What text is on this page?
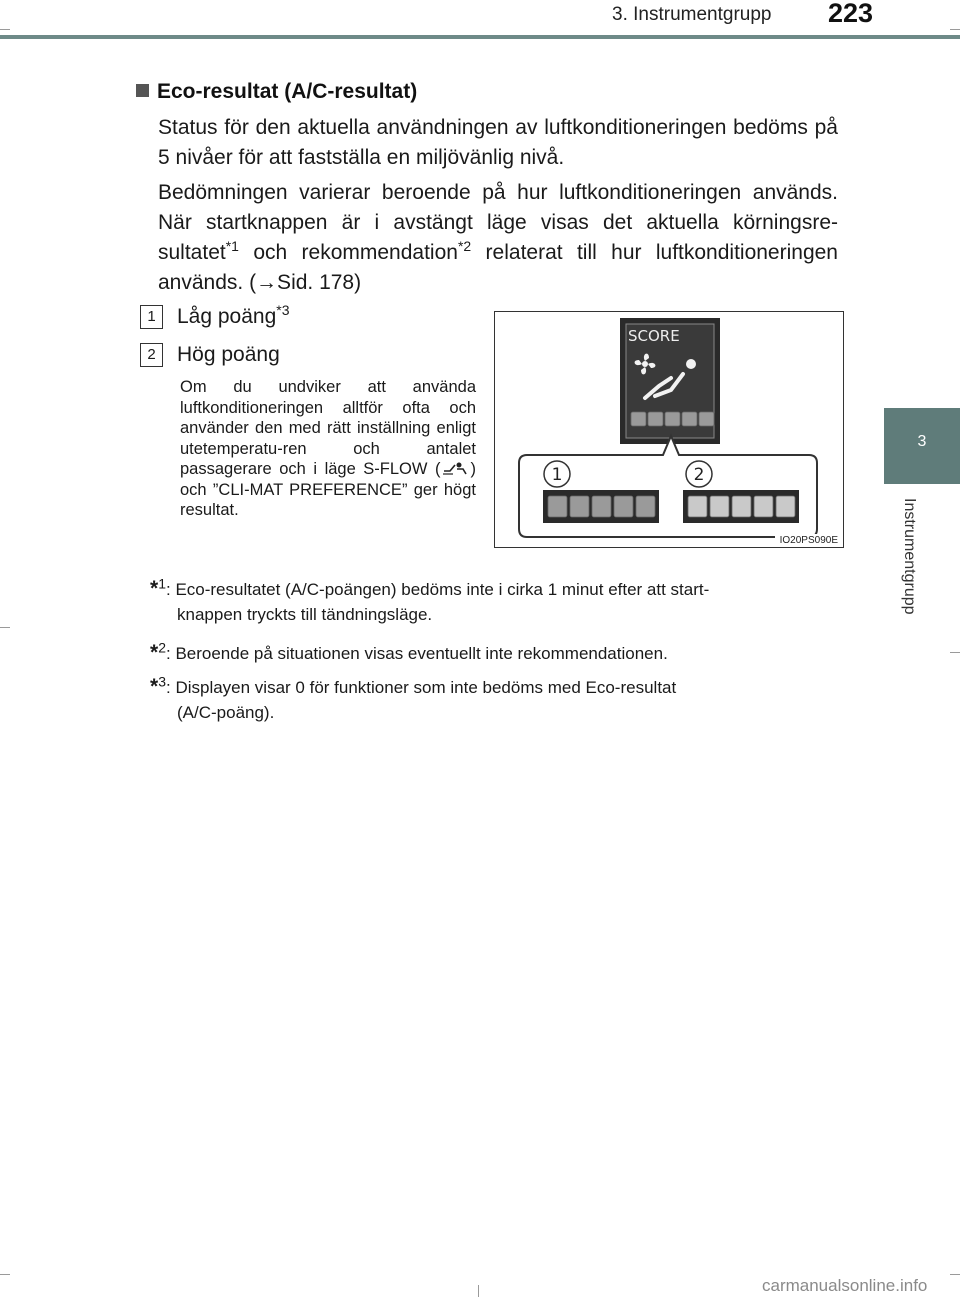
3. Instrumentgrupp 223
3
Instrumentgrupp
Eco-resultat (A/C-resultat)
Status för den aktuella användningen av luftkonditioneringen bedöms på 5 nivåer för att fastställa en miljövänlig nivå.
Bedömningen varierar beroende på hur luftkonditioneringen används. När startknappen är i avstängt läge visas det aktuella körningsre-sultatet$^{*1}$ och rekommendation$^{*2}$ relaterat till hur luftkonditioneringen används. (→Sid. 178)
1 Låg poäng$^{*3}$
2 Hög poäng
Om du undviker att använda luftkonditioneringen alltför ofta och använder den med rätt inställning enligt utetemperatu-ren och antalet passagerare och i läge S-FLOW ( ) och ”CLI-MAT PREFERENCE” ger högt resultat.
SCORE
1	2
IO20PS090E
*$^1$: Eco-resultatet (A/C-poängen) bedöms inte i cirka 1 minut efter att start-
knappen tryckts till tändningsläge.
*$^2$: Beroende på situationen visas eventuellt inte rekommendationen.
*$^3$: Displayen visar 0 för funktioner som inte bedöms med Eco-resultat
(A/C-poäng).
carmanualsonline.info
